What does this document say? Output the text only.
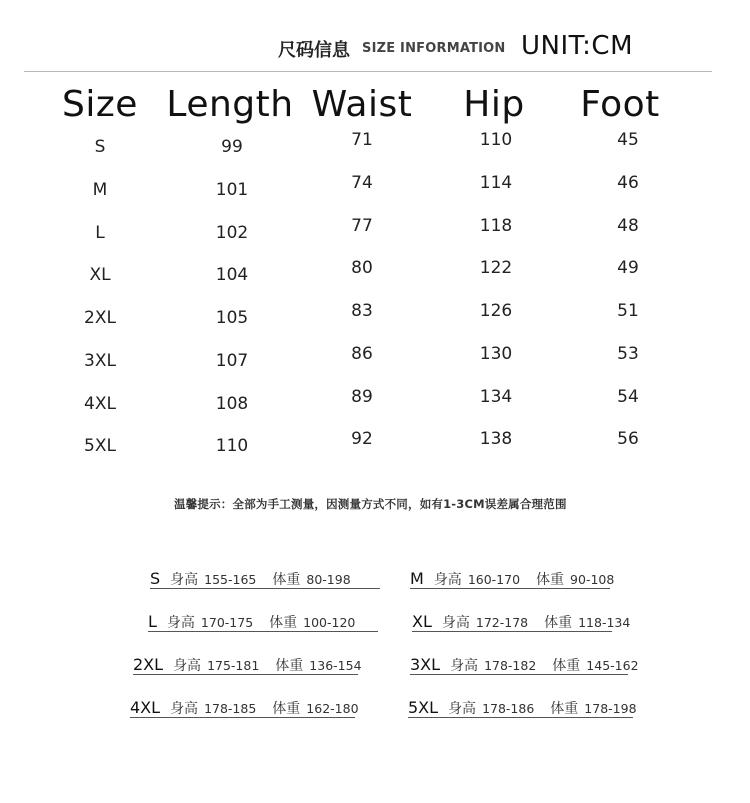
尺码信息 SIZE INFORMATION UNIT:CM
Size Length Waist Hip Foot
S	99	71	110	45
M	101	74	114	46
L	102	77	118	48
XL	104	80	122	49
2XL	105	83	126	51
3XL	107	86	130	53
4XL	108	89	134	54
5XL	110	92	138	56
温馨提示：全部为手工测量，因测量方式不同，如有1-3CM误差属合理范围
S 身高 155-165 体重 80-198	M 身高 160-170 体重 90-108
L 身高 170-175 体重 100-120	XL 身高 172-178 体重 118-134
2XL 身高 175-181 体重 136-154	3XL 身高 178-182 体重 145-162
4XL 身高 178-185 体重 162-180	5XL 身高 178-186 体重 178-198
